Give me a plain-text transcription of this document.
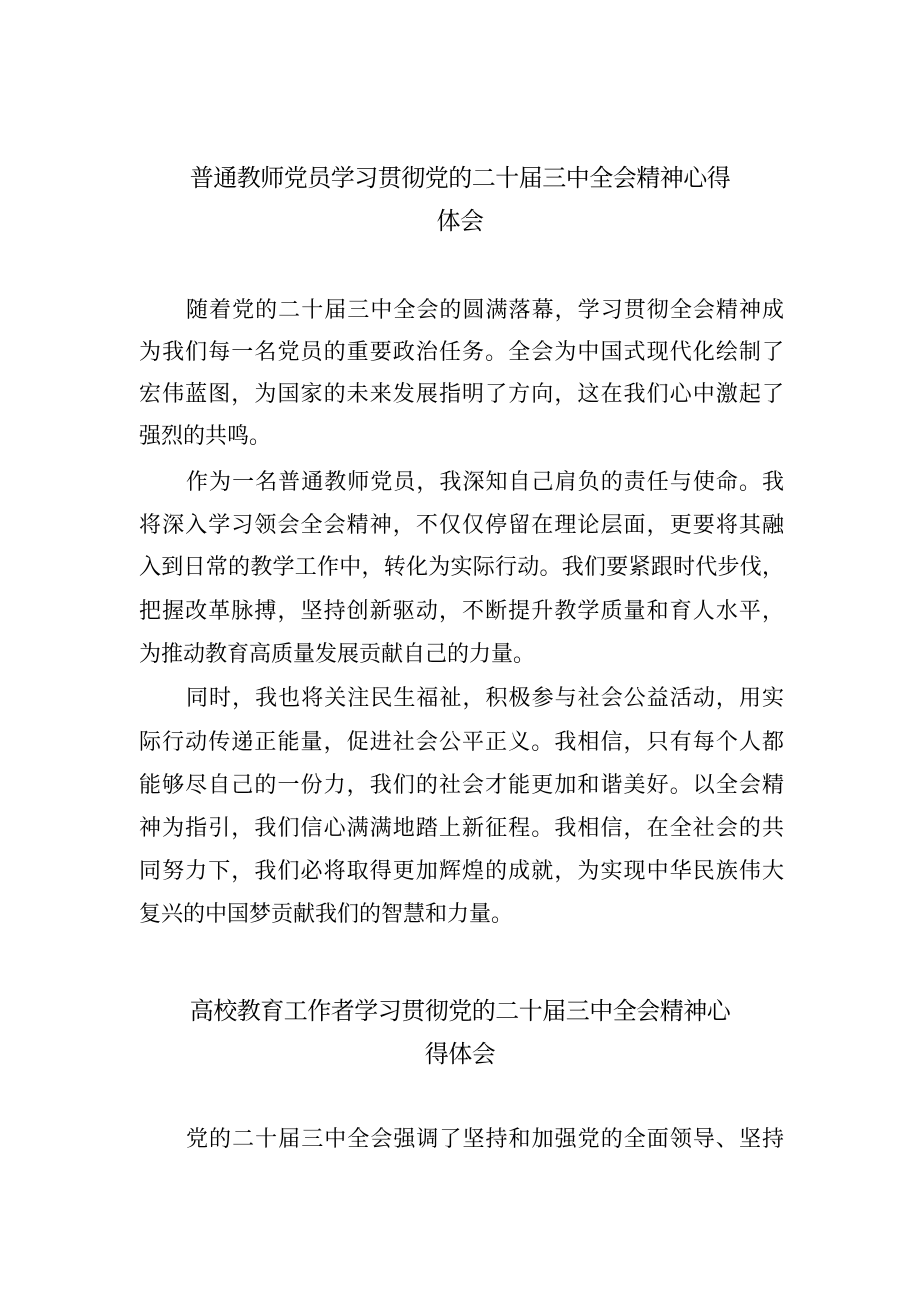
普通教师党员学习贯彻党的二十届三中全会精神心得
体会
随着党的二十届三中全会的圆满落幕，学习贯彻全会精神成
为我们每一名党员的重要政治任务。全会为中国式现代化绘制了
宏伟蓝图，为国家的未来发展指明了方向，这在我们心中激起了
强烈的共鸣。
作为一名普通教师党员，我深知自己肩负的责任与使命。我
将深入学习领会全会精神，不仅仅停留在理论层面，更要将其融
入到日常的教学工作中，转化为实际行动。我们要紧跟时代步伐，
把握改革脉搏，坚持创新驱动，不断提升教学质量和育人水平，
为推动教育高质量发展贡献自己的力量。
同时，我也将关注民生福祉，积极参与社会公益活动，用实
际行动传递正能量，促进社会公平正义。我相信，只有每个人都
能够尽自己的一份力，我们的社会才能更加和谐美好。以全会精
神为指引，我们信心满满地踏上新征程。我相信，在全社会的共
同努力下，我们必将取得更加辉煌的成就，为实现中华民族伟大
复兴的中国梦贡献我们的智慧和力量。
高校教育工作者学习贯彻党的二十届三中全会精神心
得体会
党的二十届三中全会强调了坚持和加强党的全面领导、坚持
